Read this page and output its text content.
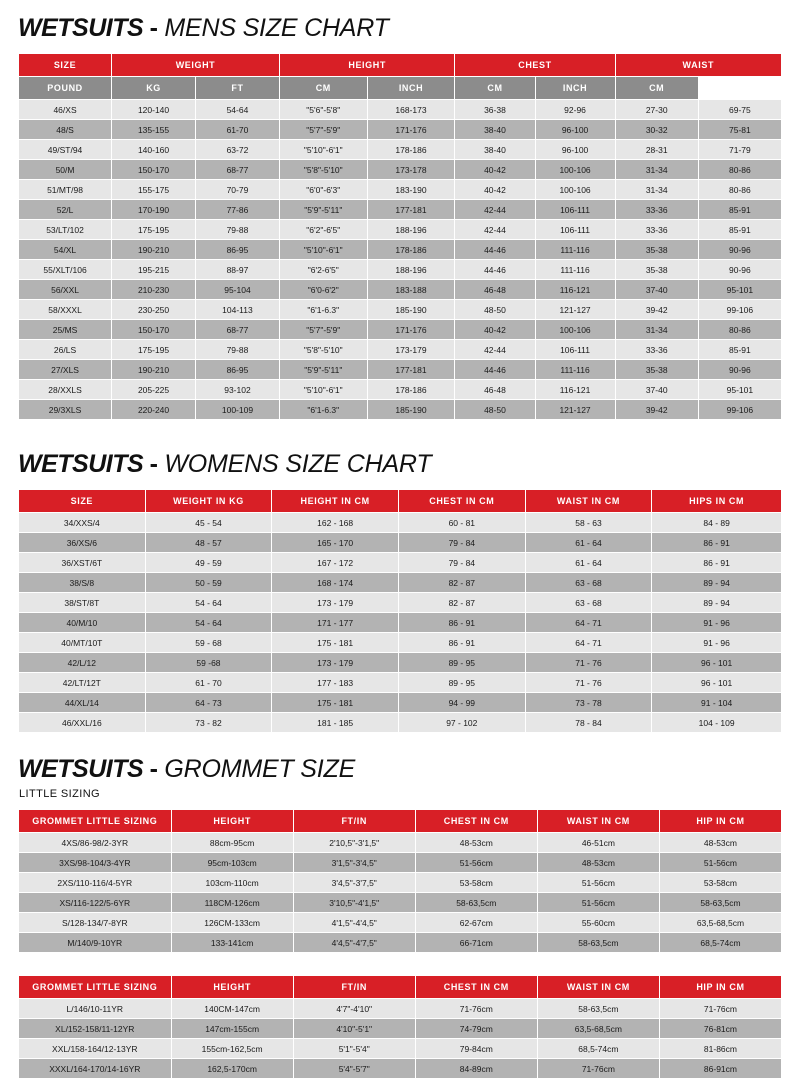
WETSUITS - MENS SIZE CHART
SIZE	WEIGHT		HEIGHT		CHEST		WAIST	
POUND	KG	FT	CM	INCH	CM	INCH	CM	
46/XS	120-140	54-64	"5'6"-5'8"	168-173	36-38	92-96	27-30	69-75
48/S	135-155	61-70	"5'7"-5'9"	171-176	38-40	96-100	30-32	75-81
49/ST/94	140-160	63-72	"5'10"-6'1"	178-186	38-40	96-100	28-31	71-79
50/M	150-170	68-77	"5'8"-5'10"	173-178	40-42	100-106	31-34	80-86
51/MT/98	155-175	70-79	"6'0"-6'3"	183-190	40-42	100-106	31-34	80-86
52/L	170-190	77-86	"5'9"-5'11"	177-181	42-44	106-111	33-36	85-91
53/LT/102	175-195	79-88	"6'2"-6'5"	188-196	42-44	106-111	33-36	85-91
54/XL	190-210	86-95	"5'10"-6'1"	178-186	44-46	111-116	35-38	90-96
55/XLT/106	195-215	88-97	"6'2-6'5"	188-196	44-46	111-116	35-38	90-96
56/XXL	210-230	95-104	"6'0-6'2"	183-188	46-48	116-121	37-40	95-101
58/XXXL	230-250	104-113	"6'1-6.3"	185-190	48-50	121-127	39-42	99-106
25/MS	150-170	68-77	"5'7"-5'9"	171-176	40-42	100-106	31-34	80-86
26/LS	175-195	79-88	"5'8"-5'10"	173-179	42-44	106-111	33-36	85-91
27/XLS	190-210	86-95	"5'9"-5'11"	177-181	44-46	111-116	35-38	90-96
28/XXLS	205-225	93-102	"5'10"-6'1"	178-186	46-48	116-121	37-40	95-101
29/3XLS	220-240	100-109	"6'1-6.3"	185-190	48-50	121-127	39-42	99-106
WETSUITS - WOMENS SIZE CHART
SIZE	WEIGHT IN KG	HEIGHT IN CM	CHEST IN CM	WAIST IN CM	HIPS IN CM
34/XXS/4	45 - 54	162 - 168	60 - 81	58 - 63	84 - 89
36/XS/6	48 - 57	165 - 170	79 - 84	61 - 64	86 - 91
36/XST/6T	49 - 59	167 - 172	79 - 84	61 - 64	86 - 91
38/S/8	50 - 59	168 - 174	82 - 87	63 - 68	89 - 94
38/ST/8T	54 - 64	173 - 179	82 - 87	63 - 68	89 - 94
40/M/10	54 - 64	171 - 177	86 - 91	64 - 71	91 - 96
40/MT/10T	59 - 68	175 - 181	86 - 91	64 - 71	91 - 96
42/L/12	59 -68	173 - 179	89 - 95	71 - 76	96 - 101
42/LT/12T	61 - 70	177 - 183	89 - 95	71 - 76	96 - 101
44/XL/14	64 - 73	175 - 181	94 - 99	73 - 78	91 - 104
46/XXL/16	73 - 82	181 - 185	97 - 102	78 - 84	104 - 109
WETSUITS - GROMMET SIZE
LITTLE SIZING
GROMMET LITTLE SIZING	HEIGHT	FT/IN	CHEST IN CM	WAIST IN CM	HIP IN CM
4XS/86-98/2-3YR	88cm-95cm	2'10,5"-3'1,5"	48-53cm	46-51cm	48-53cm
3XS/98-104/3-4YR	95cm-103cm	3'1,5"-3'4,5"	51-56cm	48-53cm	51-56cm
2XS/110-116/4-5YR	103cm-110cm	3'4,5"-3'7,5"	53-58cm	51-56cm	53-58cm
XS/116-122/5-6YR	118CM-126cm	3'10,5"-4'1,5"	58-63,5cm	51-56cm	58-63,5cm
S/128-134/7-8YR	126CM-133cm	4'1,5"-4'4,5"	62-67cm	55-60cm	63,5-68,5cm
M/140/9-10YR	133-141cm	4'4,5"-4'7,5"	66-71cm	58-63,5cm	68,5-74cm
GROMMET LITTLE SIZING	HEIGHT	FT/IN	CHEST IN CM	WAIST IN CM	HIP IN CM
L/146/10-11YR	140CM-147cm	4'7"-4'10"	71-76cm	58-63,5cm	71-76cm
XL/152-158/11-12YR	147cm-155cm	4'10"-5'1"	74-79cm	63,5-68,5cm	76-81cm
XXL/158-164/12-13YR	155cm-162,5cm	5'1"-5'4"	79-84cm	68,5-74cm	81-86cm
XXXL/164-170/14-16YR	162,5-170cm	5'4"-5'7"	84-89cm	71-76cm	86-91cm
